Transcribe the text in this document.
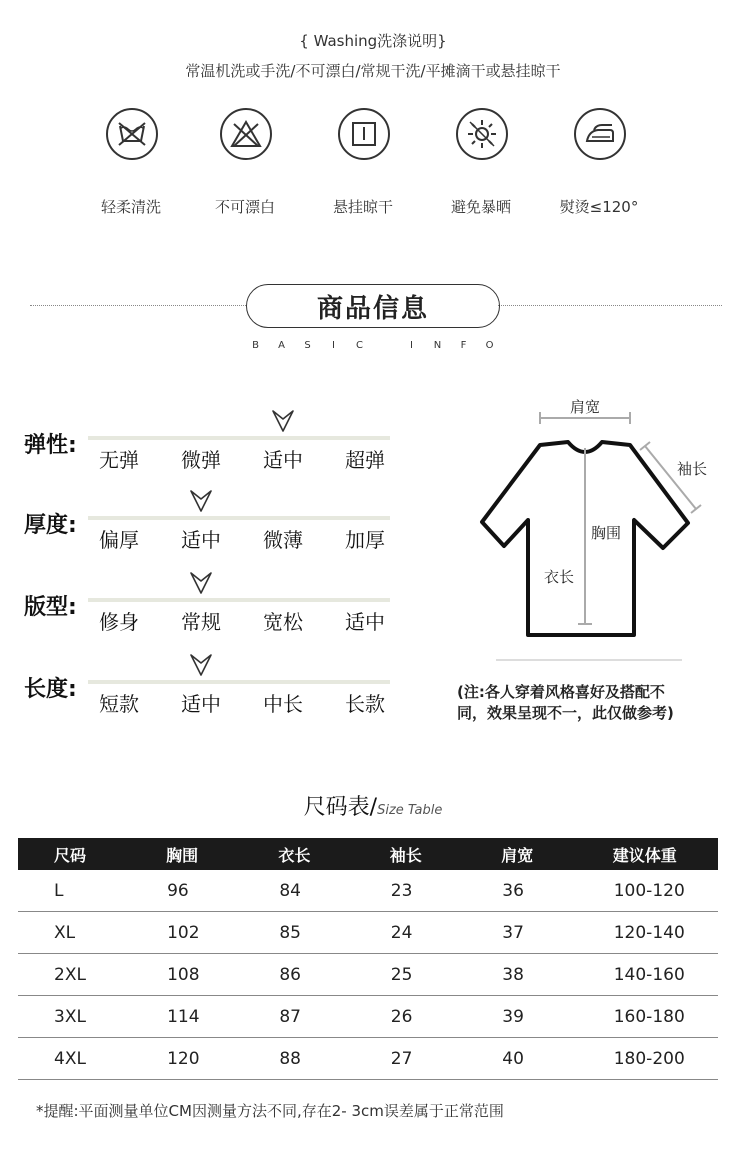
{ Washing洗涤说明}
常温机洗或手洗/不可漂白/常规干洗/平摊滴干或悬挂晾干
轻柔清洗	不可漂白	悬挂晾干	避免暴晒	熨烫≤120°
商品信息
B A S I C	I N F O
弹性:
无弹	微弹	适中	超弹
厚度:
偏厚	适中	微薄	加厚
版型:
修身	常规	宽松	适中
长度:
短款	适中	中长	长款
肩宽
袖长
胸围
衣长
(注:各人穿着风格喜好及搭配不
同，效果呈现不一，此仅做参考)
尺码表/Size Table
尺码	胸围	衣长	袖长	肩宽	建议体重
L	96	84	23	36	100-120
XL	102	85	24	37	120-140
2XL	108	86	25	38	140-160
3XL	114	87	26	39	160-180
4XL	120	88	27	40	180-200
*提醒:平面测量单位CM因测量方法不同,存在2- 3cm误差属于正常范围
